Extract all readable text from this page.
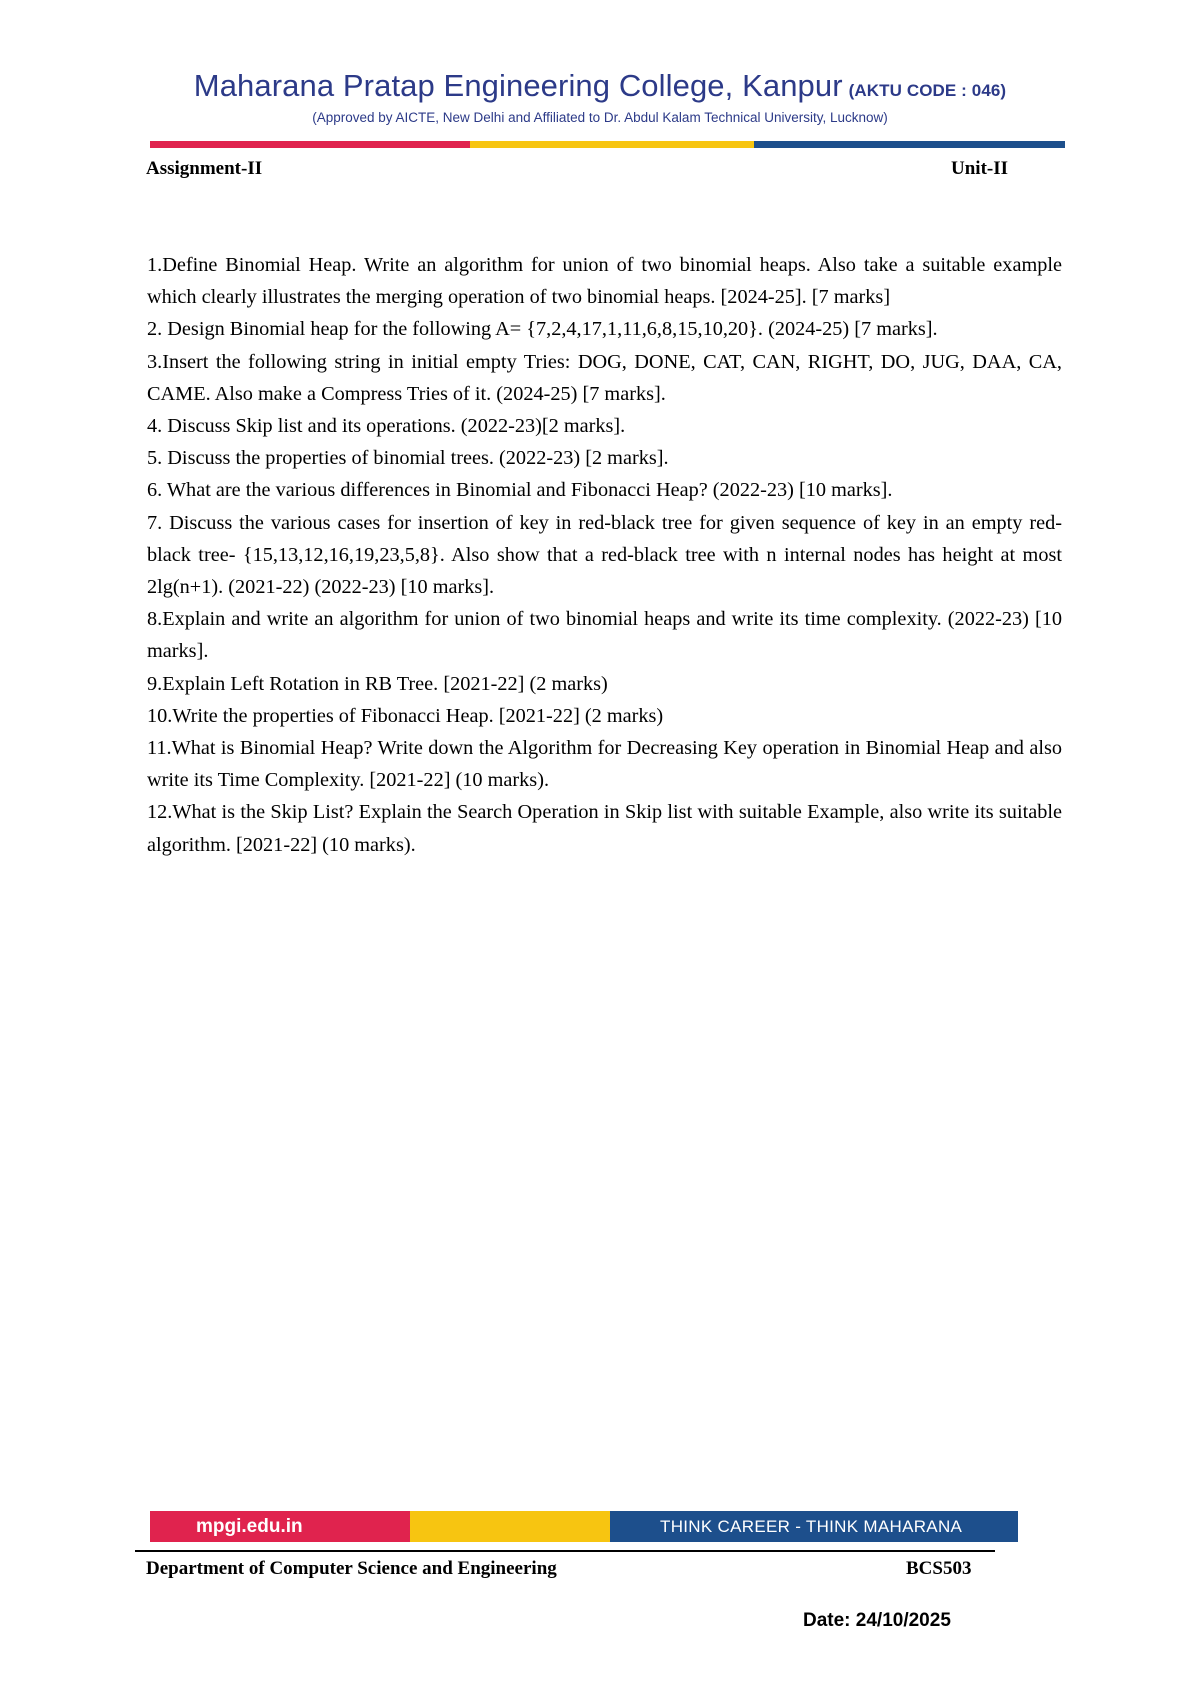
Maharana Pratap Engineering College, Kanpur (AKTU CODE : 046)
(Approved by AICTE, New Delhi and Affiliated to Dr. Abdul Kalam Technical University, Lucknow)
Assignment-II	Unit-II

1.Define Binomial Heap. Write an algorithm for union of two binomial heaps. Also take a suitable example which clearly illustrates the merging operation of two binomial heaps. [2024-25]. [7 marks]

2. Design Binomial heap for the following A= {7,2,4,17,1,11,6,8,15,10,20}. (2024-25) [7 marks].

3.Insert the following string in initial empty Tries: DOG, DONE, CAT, CAN, RIGHT, DO, JUG, DAA, CA, CAME. Also make a Compress Tries of it. (2024-25) [7 marks].

4. Discuss Skip list and its operations. (2022-23)[2 marks].

5. Discuss the properties of binomial trees. (2022-23) [2 marks].

6. What are the various differences in Binomial and Fibonacci Heap? (2022-23) [10 marks].

7. Discuss the various cases for insertion of key in red-black tree for given sequence of key in an empty red-black tree- {15,13,12,16,19,23,5,8}. Also show that a red-black tree with n internal nodes has height at most 2lg(n+1). (2021-22) (2022-23) [10 marks].

8.Explain and write an algorithm for union of two binomial heaps and write its time complexity. (2022-23) [10 marks].

9.Explain Left Rotation in RB Tree. [2021-22] (2 marks)

10.Write the properties of Fibonacci Heap. [2021-22] (2 marks)

11.What is Binomial Heap? Write down the Algorithm for Decreasing Key operation in Binomial Heap and also write its Time Complexity. [2021-22] (10 marks).

12.What is the Skip List? Explain the Search Operation in Skip list with suitable Example, also write its suitable algorithm. [2021-22] (10 marks).

mpgi.edu.in	THINK CAREER - THINK MAHARANA
Department of Computer Science and Engineering	BCS503
Date: 24/10/2025
